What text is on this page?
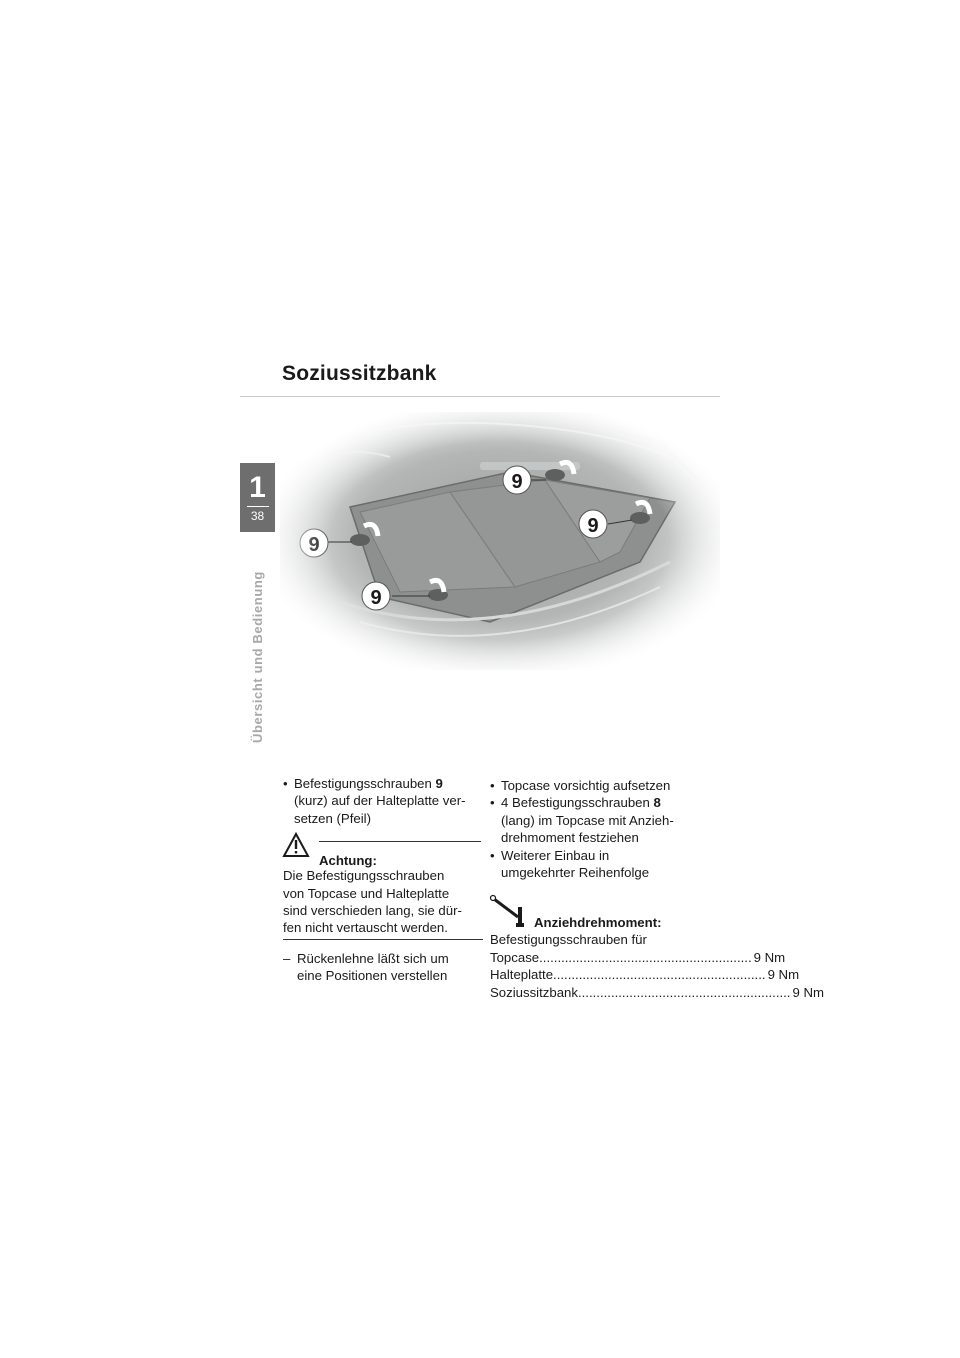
Soziussitzbank
1
38
Übersicht und Bedienung
• Befestigungsschrauben 9
(kurz) auf der Halteplatte ver-
setzen (Pfeil)
Achtung:
Die Befestigungsschrauben
von Topcase und Halteplatte
sind verschieden lang, sie dür-
fen nicht vertauscht werden.
– Rückenlehne läßt sich um
eine Positionen verstellen
• Topcase vorsichtig aufsetzen
• 4 Befestigungsschrauben 8
(lang) im Topcase mit Anzieh-
drehmoment festziehen
• Weiterer Einbau in
umgekehrter Reihenfolge
Anziehdrehmoment:
Befestigungsschrauben für
Topcase .......................................................... 9 Nm
Halteplatte .......................................................... 9 Nm
Soziussitzbank .......................................................... 9 Nm
